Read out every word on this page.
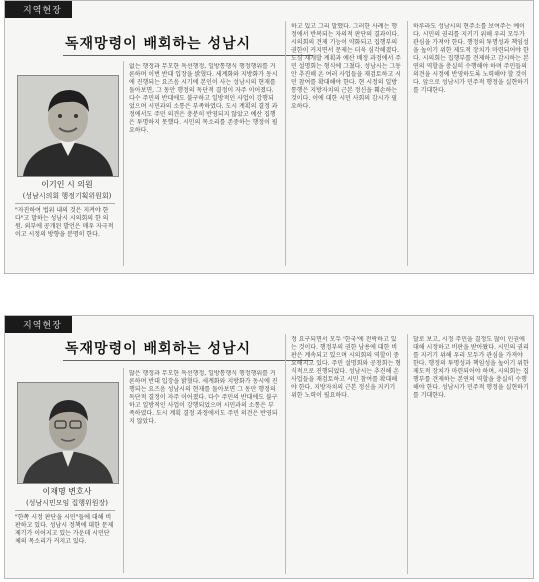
지역현장
독재망령이 배회하는 성남시
이기인 시 의원
(성남시의회 행정기획위원회)
"자진하여 법위 내의 것은 지켜야 한다"고 말하는 성남시 시의회의 한 의원. 외부에 공개된 발언은 매우 자극적이고 시정의 방향을 분명히 한다.
없는 행정과 무모한 독선행정, 일방통행식 행정행위를 거론하며 이번 반대 입장을 밝혔다. 세계화와 지방화가 동시에 진행되는 요즈음 시기에 본인이 사는 성남시의 현재를 돌아보면, 그 동안 행정의 독단적 결정이 자주 이어졌다. 다수 주민의 반대에도 불구하고 일방적인 사업이 강행되었으며 시민과의 소통은 부족하였다. 도시 계획의 결정 과정에서도 주민 의견은 충분히 반영되지 않았고 예산 집행은 투명하지 못했다. 시민의 목소리를 존중하는 행정이 필요하다.
하고 있고 그리 말했다. 그러한 사례는 행정에서 반복되는 자의적 판단의 결과이다. 시의회의 견제 기능이 약화되고 집행부의 권한이 커지면서 문제는 더욱 심각해졌다. 도심 재개발 계획과 예산 배정 과정에서 주민 설명회는 형식에 그쳤다. 성남시는 그동안 추진해 온 여러 사업들을 재검토하고 시민 참여를 확대해야 한다. 현 시정의 일방통행은 지방자치의 근본 정신을 훼손하는 것이다. 이에 대한 시민 사회의 감시가 필요하다.
하루라도 성남시의 현주소를 보여주는 예이다. 시민의 권리를 지키기 위해 우리 모두가 관심을 가져야 한다. 행정의 투명성과 책임성을 높이기 위한 제도적 장치가 마련되어야 한다. 시의회는 집행부를 견제하고 감시하는 본연의 역할을 충실히 수행해야 하며 주민들의 의견을 시정에 반영하도록 노력해야 할 것이다. 앞으로 성남시가 민주적 행정을 실현하기를 기대한다.
지역현장
독재망령이 배회하는 성남시
이재명 변호사
(성남시민모임 집행위원장)
"한쪽 시정 판단을 시민"들에 대해 비판하고 있다. 성남시 정책에 대한 문제 제기가 이어지고 있는 가운데 시민단체의 목소리가 커지고 있다.
많은 행정과 무모한 독선행정, 일방통행식 행정행위를 거론하며 반대 입장을 밝혔다. 세계화와 지방화가 동시에 진행되는 요즈음 성남시의 현재를 돌아보면 그 동안 행정의 독단적 결정이 자주 이어졌다. 다수 주민의 반대에도 불구하고 일방적인 사업이 강행되었으며 시민과의 소통은 부족하였다. 도시 계획 결정 과정에서도 주민 의견은 반영되지 않았다.
정 요구되면서 모두 '한국'에 전락하고 있는 것이다. 행정부의 권한 남용에 대한 비판은 계속되고 있으며 시의회의 역할이 중요해지고 있다. 주민 설명회와 공청회는 형식적으로 진행되었다. 성남시는 추진해 온 사업들을 재검토하고 시민 참여를 확대해야 한다. 지방자치의 근본 정신을 지키기 위한 노력이 필요하다.
달로 보고, 시정 주민을 결정도 많이 인권에 대해 시정하고 비판을 받아왔다. 시민의 권리를 지키기 위해 우리 모두가 관심을 가져야 한다. 행정의 투명성과 책임성을 높이기 위한 제도적 장치가 마련되어야 하며, 시의회는 집행부를 견제하는 본연의 역할을 충실히 수행해야 한다. 성남시가 민주적 행정을 실현하기를 기대한다.
